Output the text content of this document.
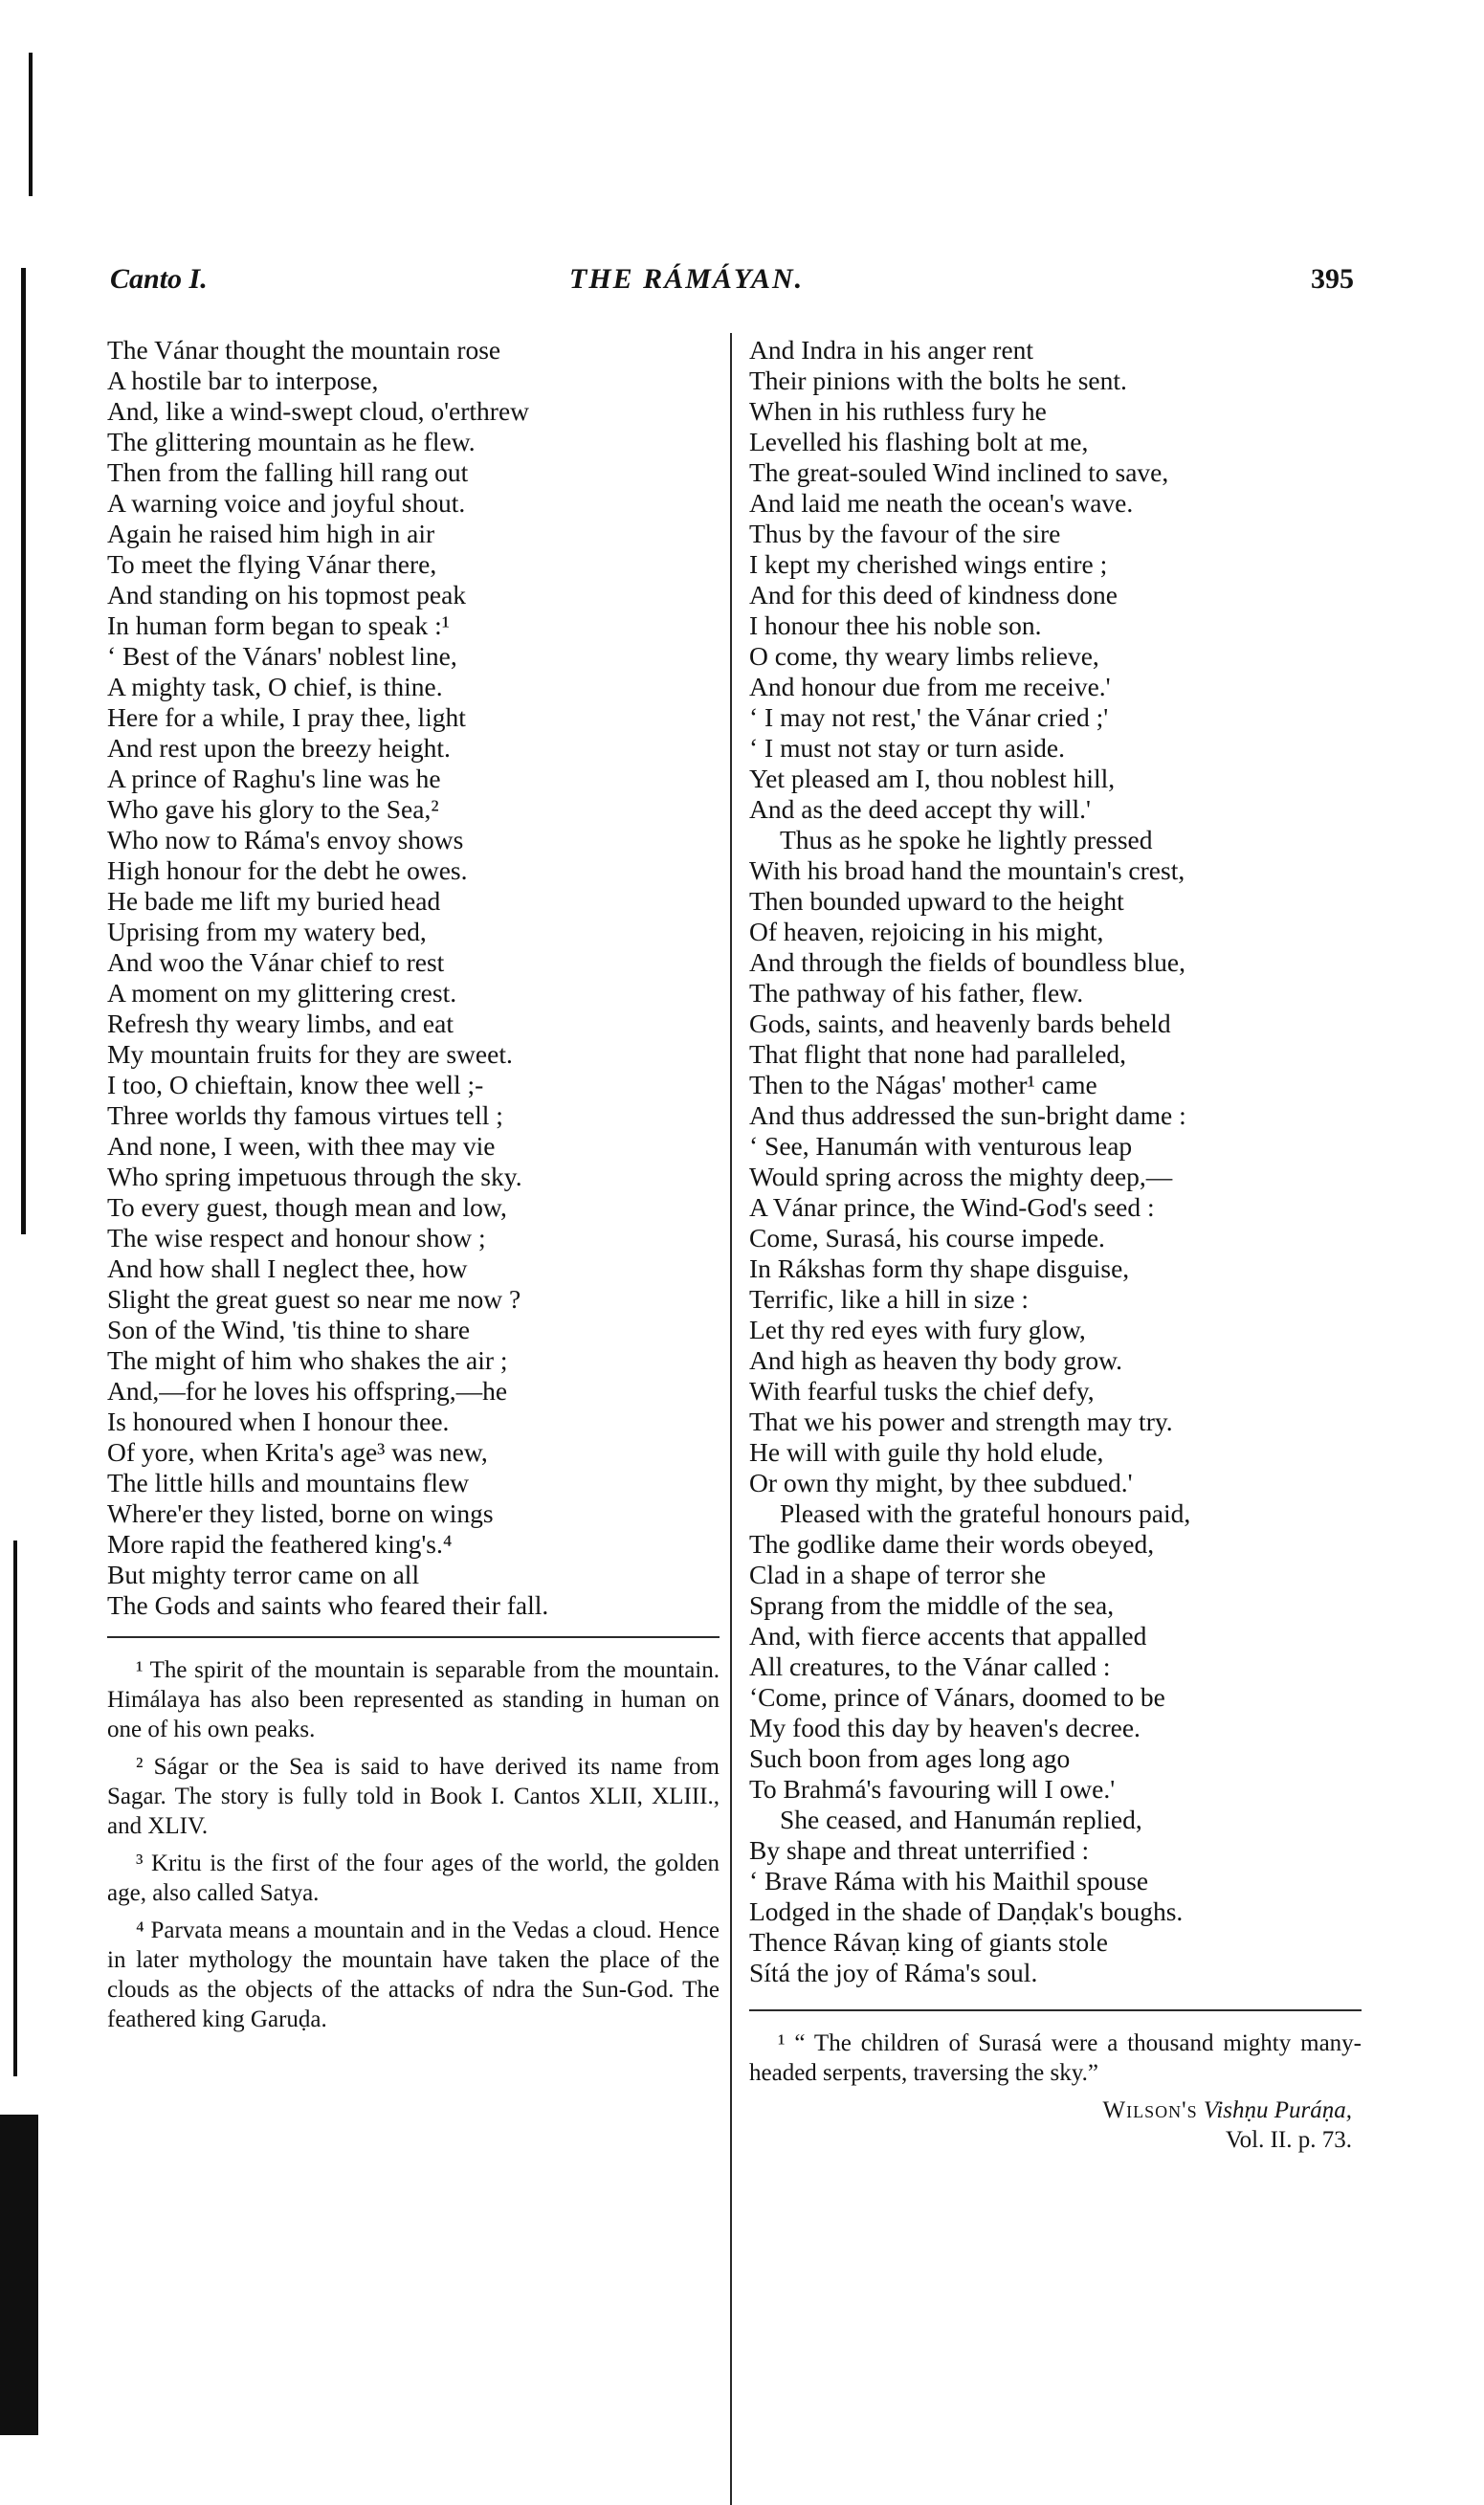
Canto I.	THE RÁMÁYAN.	395
The Vánar thought the mountain rose
A hostile bar to interpose,
And, like a wind-swept cloud, o'erthrew
The glittering mountain as he flew.
Then from the falling hill rang out
A warning voice and joyful shout.
Again he raised him high in air
To meet the flying Vánar there,
And standing on his topmost peak
In human form began to speak :¹
‘ Best of the Vánars' noblest line,
A mighty task, O chief, is thine.
Here for a while, I pray thee, light
And rest upon the breezy height.
A prince of Raghu's line was he
Who gave his glory to the Sea,²
Who now to Ráma's envoy shows
High honour for the debt he owes.
He bade me lift my buried head
Uprising from my watery bed,
And woo the Vánar chief to rest
A moment on my glittering crest.
Refresh thy weary limbs, and eat
My mountain fruits for they are sweet.
I too, O chieftain, know thee well ;-
Three worlds thy famous virtues tell ;
And none, I ween, with thee may vie
Who spring impetuous through the sky.
To every guest, though mean and low,
The wise respect and honour show ;
And how shall I neglect thee, how
Slight the great guest so near me now ?
Son of the Wind, 'tis thine to share
The might of him who shakes the air ;
And,—for he loves his offspring,—he
Is honoured when I honour thee.
Of yore, when Krita's age³ was new,
The little hills and mountains flew
Where'er they listed, borne on wings
More rapid the feathered king's.⁴
But mighty terror came on all
The Gods and saints who feared their fall.

¹ The spirit of the mountain is separable from the mountain. Himálaya has also been represented as standing in human on one of his own peaks.

² Ságar or the Sea is said to have derived its name from Sagar. The story is fully told in Book I. Cantos XLII, XLIII., and XLIV.

³ Kritu is the first of the four ages of the world, the golden age, also called Satya.

⁴ Parvata means a mountain and in the Vedas a cloud. Hence in later mythology the mountain have taken the place of the clouds as the objects of the attacks of ndra the Sun-God. The feathered king Garuḍa.

And Indra in his anger rent
Their pinions with the bolts he sent.
When in his ruthless fury he
Levelled his flashing bolt at me,
The great-souled Wind inclined to save,
And laid me neath the ocean's wave.
Thus by the favour of the sire
I kept my cherished wings entire ;
And for this deed of kindness done
I honour thee his noble son.
O come, thy weary limbs relieve,
And honour due from me receive.'
‘ I may not rest,' the Vánar cried ;'
‘ I must not stay or turn aside.
Yet pleased am I, thou noblest hill,
And as the deed accept thy will.'
Thus as he spoke he lightly pressed
With his broad hand the mountain's crest,
Then bounded upward to the height
Of heaven, rejoicing in his might,
And through the fields of boundless blue,
The pathway of his father, flew.
Gods, saints, and heavenly bards beheld
That flight that none had paralleled,
Then to the Nágas' mother¹ came
And thus addressed the sun-bright dame :
‘ See, Hanumán with venturous leap
Would spring across the mighty deep,—
A Vánar prince, the Wind-God's seed :
Come, Surasá, his course impede.
In Rákshas form thy shape disguise,
Terrific, like a hill in size :
Let thy red eyes with fury glow,
And high as heaven thy body grow.
With fearful tusks the chief defy,
That we his power and strength may try.
He will with guile thy hold elude,
Or own thy might, by thee subdued.'
Pleased with the grateful honours paid,
The godlike dame their words obeyed,
Clad in a shape of terror she
Sprang from the middle of the sea,
And, with fierce accents that appalled
All creatures, to the Vánar called :
‘Come, prince of Vánars, doomed to be
My food this day by heaven's decree.
Such boon from ages long ago
To Brahmá's favouring will I owe.'
She ceased, and Hanumán replied,
By shape and threat unterrified :
‘ Brave Ráma with his Maithil spouse
Lodged in the shade of Daṇḍak's boughs.
Thence Rávaṇ king of giants stole
Sítá the joy of Ráma's soul.

¹ “ The children of Surasá were a thousand mighty many-headed serpents, traversing the sky.”

Wilson's Vishṇu Puráṇa,
Vol. II. p. 73.
